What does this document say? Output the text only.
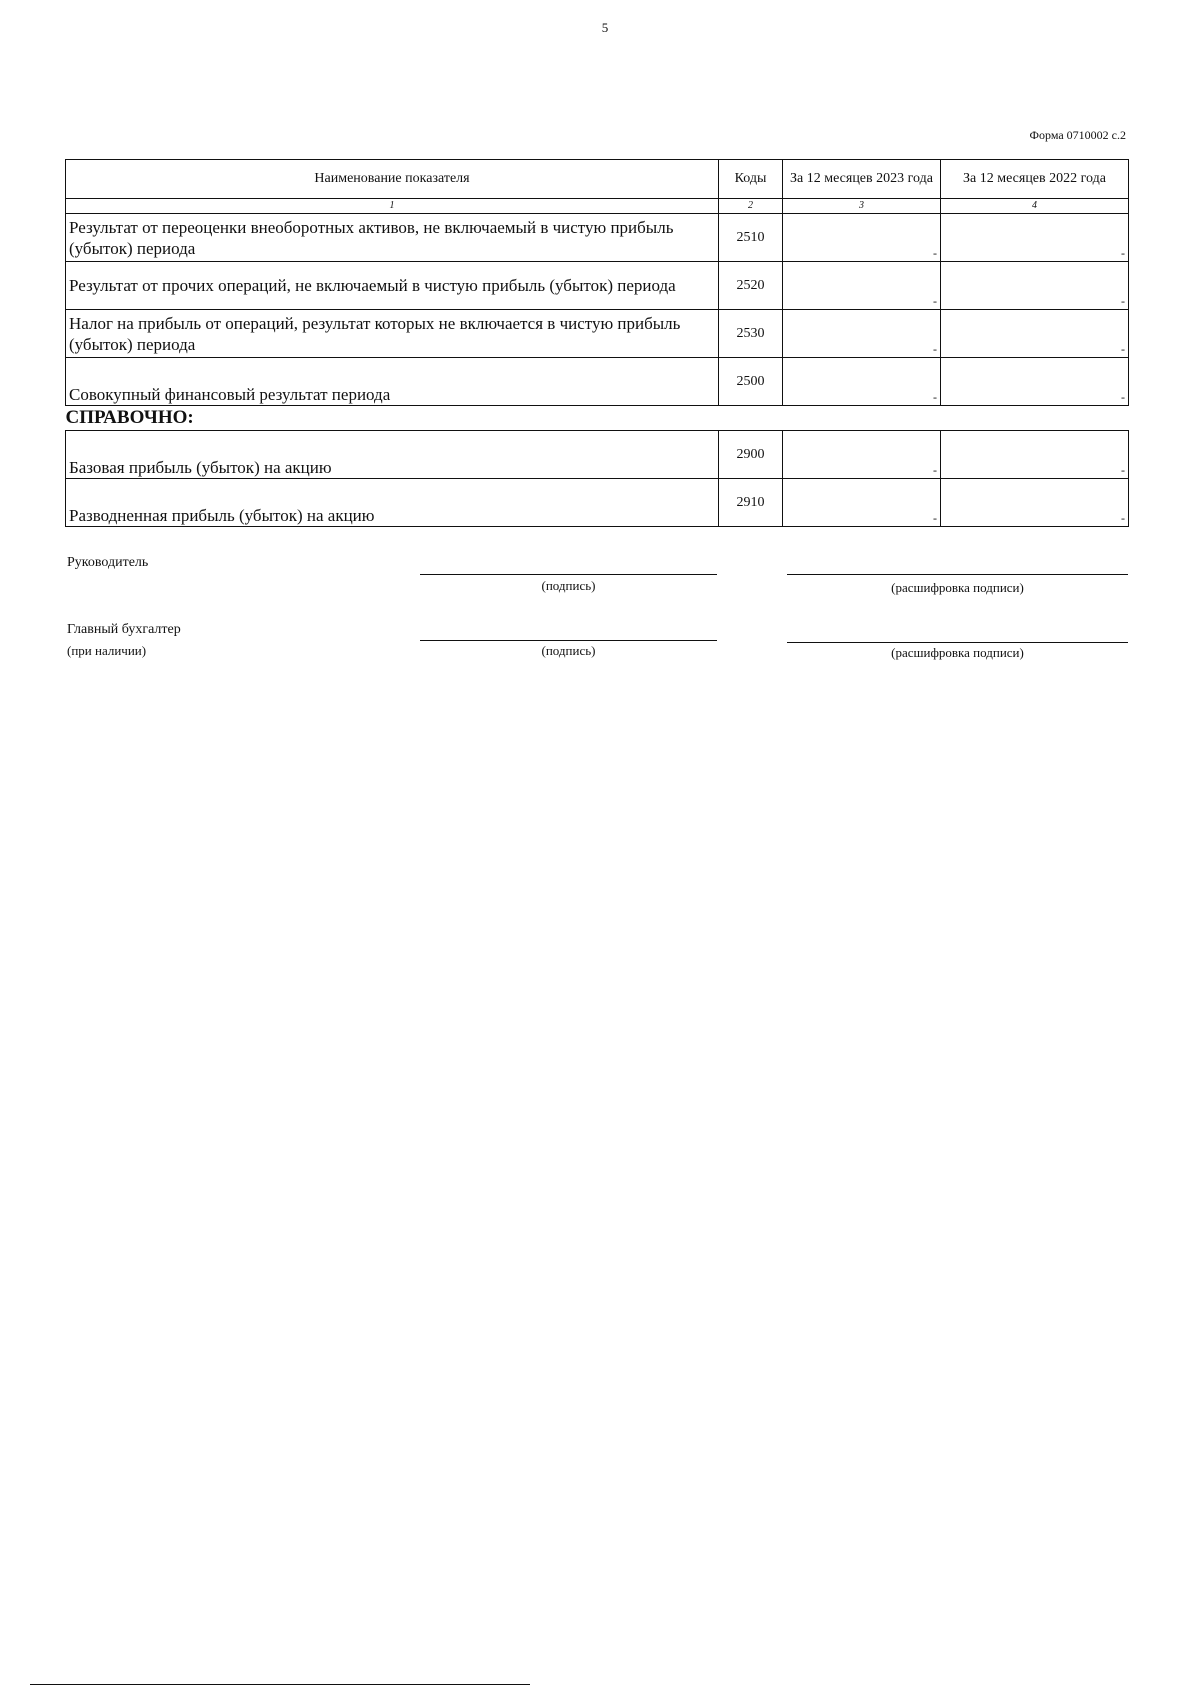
5
Форма 0710002 с.2
Наименование показателя	Коды	За 12 месяцев 2023 года	За 12 месяцев 2022 года
1	2	3	4
Результат от переоценки внеоборотных активов, не включаемый в чистую прибыль (убыток) периода	2510	-	-

Результат от прочих операций, не включаемый в чистую прибыль (убыток) периода	2520	-	-

Налог на прибыль от операций, результат которых не включается в чистую прибыль (убыток) периода	2530	-	-

Совокупный финансовый результат периода	2500	-	-

СПРАВОЧНО:			
Базовая прибыль (убыток) на акцию	2900	-	-

Разводненная прибыль (убыток) на акцию	2910	-	-
Руководитель
(подпись)	(расшифровка подписи)
Главный бухгалтер
(при наличии)	(подпись)	(расшифровка подписи)
